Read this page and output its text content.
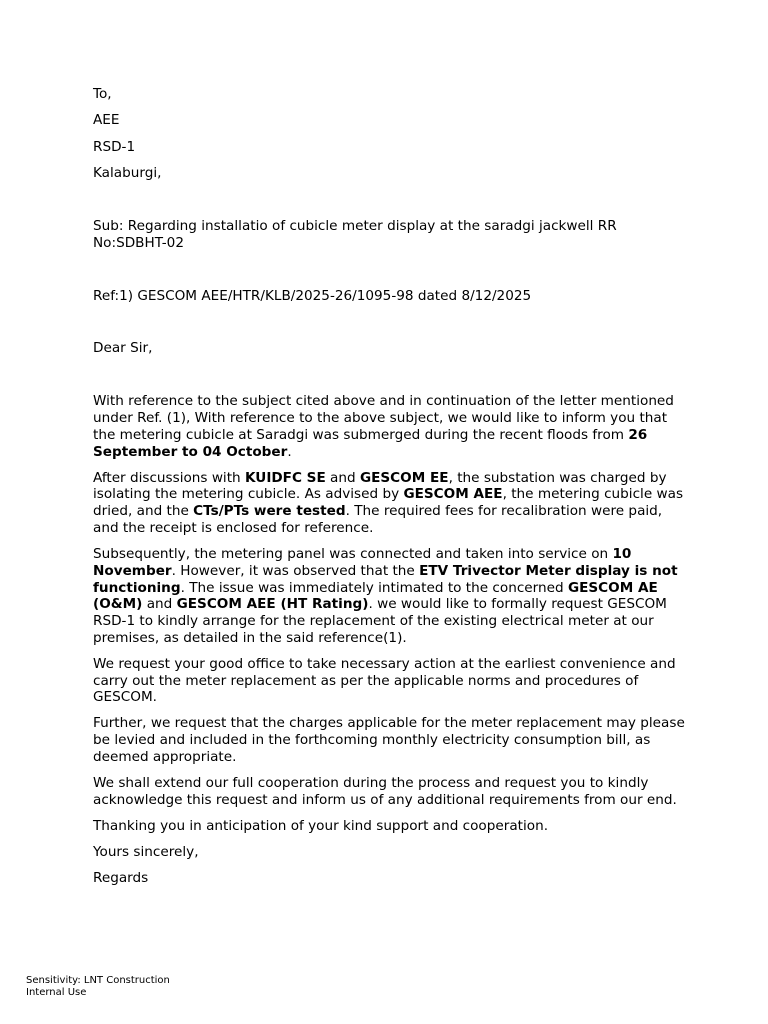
To,
AEE
RSD-1
Kalaburgi,
Sub: Regarding installatio of cubicle meter display at the saradgi jackwell RR No:SDBHT-02
Ref:1) GESCOM AEE/HTR/KLB/2025-26/1095-98 dated 8/12/2025
Dear Sir,
With reference to the subject cited above and in continuation of the letter mentioned under Ref. (1), With reference to the above subject, we would like to inform you that the metering cubicle at Saradgi was submerged during the recent floods from 26 September to 04 October.
After discussions with KUIDFC SE and GESCOM EE, the substation was charged by isolating the metering cubicle. As advised by GESCOM AEE, the metering cubicle was dried, and the CTs/PTs were tested. The required fees for recalibration were paid, and the receipt is enclosed for reference.
Subsequently, the metering panel was connected and taken into service on 10 November. However, it was observed that the ETV Trivector Meter display is not functioning. The issue was immediately intimated to the concerned GESCOM AE (O&M) and GESCOM AEE (HT Rating). we would like to formally request GESCOM RSD-1 to kindly arrange for the replacement of the existing electrical meter at our premises, as detailed in the said reference(1).
We request your good office to take necessary action at the earliest convenience and carry out the meter replacement as per the applicable norms and procedures of GESCOM.
Further, we request that the charges applicable for the meter replacement may please be levied and included in the forthcoming monthly electricity consumption bill, as deemed appropriate.
We shall extend our full cooperation during the process and request you to kindly acknowledge this request and inform us of any additional requirements from our end.
Thanking you in anticipation of your kind support and cooperation.
Yours sincerely,
Regards
Sensitivity: LNT Construction
Internal Use
